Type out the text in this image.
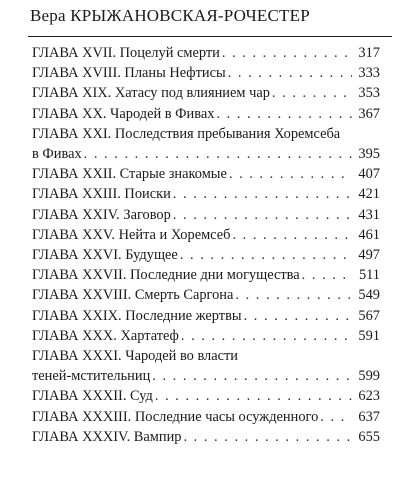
Вера КРЫЖАНОВСКАЯ-РОЧЕСТЕР
ГЛАВА XVII. Поцелуй смерти . . .	317
ГЛАВА XVIII. Планы Нефтисы . . .	333
ГЛАВА XIX. Хатасу под влиянием чар . . .	353
ГЛАВА XX. Чародей в Фивах . . .	367
ГЛАВА XXI. Последствия пребывания Хоремсеба
в Фивах . . .	395
ГЛАВА XXII. Старые знакомые . . .	407
ГЛАВА XXIII. Поиски . . .	421
ГЛАВА XXIV. Заговор . . .	431
ГЛАВА XXV. Нейта и Хоремсеб . . .	461
ГЛАВА XXVI. Будущее . . .	497
ГЛАВА XXVII. Последние дни могущества . . .	511
ГЛАВА XXVIII. Смерть Саргона . . .	549
ГЛАВА XXIX. Последние жертвы . . .	567
ГЛАВА XXX. Хартатеф . . .	591
ГЛАВА XXXI. Чародей во власти
теней-мстительниц . . .	599
ГЛАВА XXXII. Суд . . .	623
ГЛАВА XXXIII. Последние часы осужденного . . .	637
ГЛАВА XXXIV. Вампир . . .	655
